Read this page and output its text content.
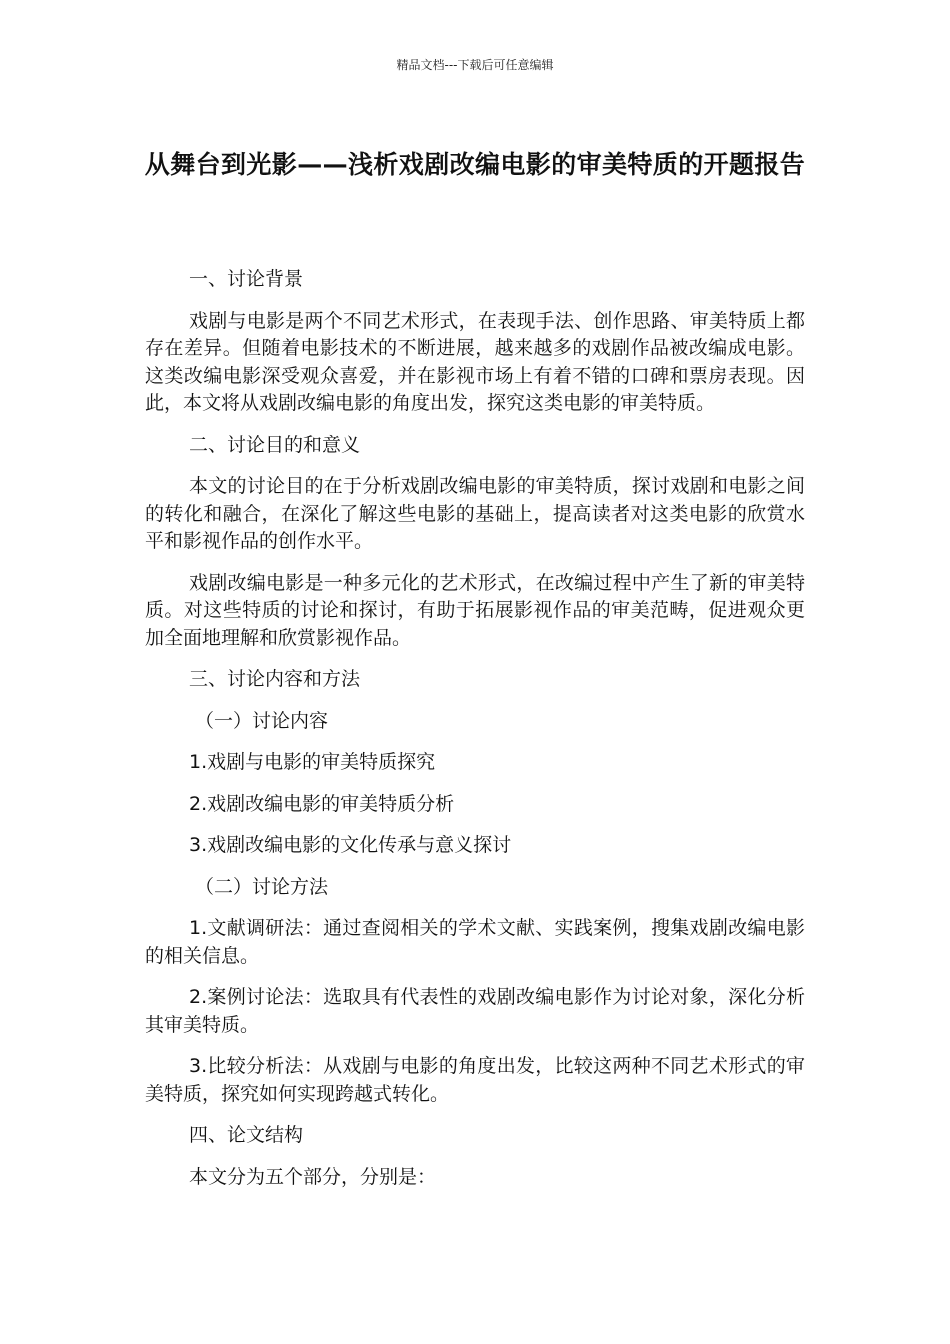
精品文档---下载后可任意编辑
从舞台到光影——浅析戏剧改编电影的审美特质的开题报告

一、讨论背景

戏剧与电影是两个不同艺术形式，在表现手法、创作思路、审美特质上都存在差异。但随着电影技术的不断进展，越来越多的戏剧作品被改编成电影。这类改编电影深受观众喜爱，并在影视市场上有着不错的口碑和票房表现。因此，本文将从戏剧改编电影的角度出发，探究这类电影的审美特质。

二、讨论目的和意义

本文的讨论目的在于分析戏剧改编电影的审美特质，探讨戏剧和电影之间的转化和融合，在深化了解这些电影的基础上，提高读者对这类电影的欣赏水平和影视作品的创作水平。

戏剧改编电影是一种多元化的艺术形式，在改编过程中产生了新的审美特质。对这些特质的讨论和探讨，有助于拓展影视作品的审美范畴，促进观众更加全面地理解和欣赏影视作品。

三、讨论内容和方法

（一）讨论内容

1.戏剧与电影的审美特质探究

2.戏剧改编电影的审美特质分析

3.戏剧改编电影的文化传承与意义探讨

（二）讨论方法

1.文献调研法：通过查阅相关的学术文献、实践案例，搜集戏剧改编电影的相关信息。

2.案例讨论法：选取具有代表性的戏剧改编电影作为讨论对象，深化分析其审美特质。

3.比较分析法：从戏剧与电影的角度出发，比较这两种不同艺术形式的审美特质，探究如何实现跨越式转化。

四、论文结构

本文分为五个部分，分别是：
